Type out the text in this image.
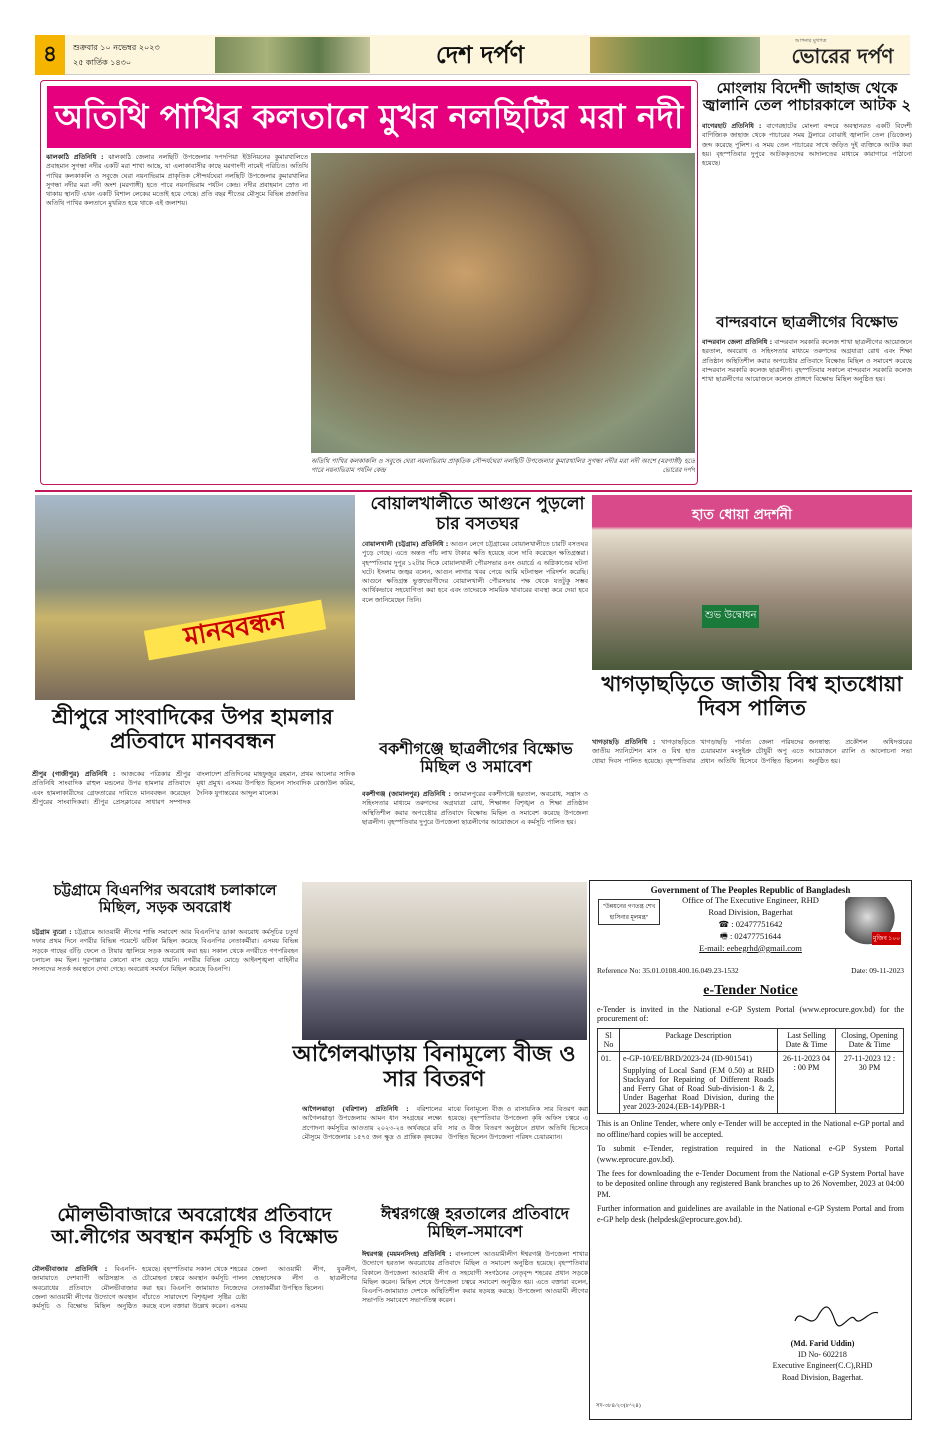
৪	শুক্রবার ১০ নভেম্বর ২০২৩
২৫ কার্তিক ১৪৩০	দেশ দর্পণ	আপনার মুখপত্র
ভোরের দর্পণ
অতিথি পাখির কলতানে মুখর নলছিটির মরা নদী
ঝালকাঠি প্রতিনিধি : ঝালকাঠি জেলার নলছিটি উপজেলার দপদপিয়া ইউনিয়নের কুমারখালিতে প্রবাহমান সুগন্ধা নদীর একটি মরা শাখা আছে, যা এলাকাবাসীর কাছে মরগাংগী নামেই পরিচিত। অতিথি পাখির কলকাকলি ও সবুজে ঘেরা নয়নাভিরাম প্রাকৃতিক সৌন্দর্যঘেরা নলছিটি উপজেলার কুমারখালির সুগন্ধা নদীর মরা নদী অংশ (মরগাঙ্গী) হতে পারে নয়নাভিরাম পর্যটন কেন্দ্র। নদীর প্রবাহমান স্রোত না থাকায় স্থানটি এখন একটি বিশাল লেকের মতোই হয়ে গেছে। প্রতি বছর শীতের মৌসুমে বিভিন্ন প্রজাতির অতিথি পাখির কলতানে মুখরিত হয়ে থাকে এই জলাশয়।
অতিথি পাখির কলকাকলি ও সবুজে ঘেরা নয়নাভিরাম প্রাকৃতিক সৌন্দর্যঘেরা নলছিটি উপজেলার কুমারখালির সুগন্ধা নদীর মরা নদী অংশে (মরগাঙ্গী) হতে পারে নয়নাভিরাম পর্যটন কেন্দ্র	ভোরের দর্পণ
মোংলায় বিদেশী জাহাজ থেকে জ্বালানি তেল পাচারকালে আটক ২
বাগেরহাট প্রতিনিধি : বাগেরহাটের মোংলা বন্দরে অবস্থানরত একটি বিদেশী বাণিজ্যিক জাহাজ থেকে পাচারের সময় ট্রলারে বোঝাই জ্বালানি তেল (ডিজেল) জব্দ করেছে পুলিশ। এ সময় তেল পাচারের সাথে জড়িত দুই ব্যক্তিকে আটক করা হয়। বৃহস্পতিবার দুপুরে আটককৃতদের আদালতের মাধ্যমে কারাগারে পাঠানো হয়েছে।
বান্দরবানে ছাত্রলীগের বিক্ষোভ
বান্দরবান জেলা প্রতিনিধি : বান্দরবান সরকারি কলেজ শাখা ছাত্রলীগের আয়োজনে হরতাল, অবরোধ ও সহিংসতার মাধ্যমে তরুণদের অগ্রযাত্রা রোধ এবং শিক্ষা প্রতিষ্ঠান অস্থিতিশীল করার অপচেষ্টার প্রতিবাদে বিক্ষোভ মিছিল ও সমাবেশ করেছে বান্দরবান সরকারি কলেজ ছাত্রলীগ। বৃহস্পতিবার সকালে বান্দরবান সরকারি কলেজ শাখা ছাত্রলীগের আয়োজনে কলেজ প্রাঙ্গণে বিক্ষোভ মিছিল অনুষ্ঠিত হয়।
মানববন্ধন
বোয়ালখালীতে আগুনে পুড়লো চার বসতঘর
বোয়ালখালী (চট্টগ্রাম) প্রতিনিধি : আগুন লেগে চট্টগ্রামের বোয়ালখালীতে চারটি বসতঘর পুড়ে গেছে। এতে অন্তত পাঁচ লাখ টাকার ক্ষতি হয়েছে বলে দাবি করেছেন ক্ষতিগ্রস্তরা। বৃহস্পতিবার দুপুর ১২টার দিকে বোয়ালখালী পৌরসভার ৪নং ওয়ার্ডে এ অগ্নিকাণ্ডের ঘটনা ঘটে। ইসলাম জজ্বর বলেন, আগুন লাগার খবর পেয়ে আমি ঘটনাস্থল পরিদর্শন করেছি। আগুনে ক্ষতিগ্রস্ত ভুক্তভোগীদের বোয়ালখালী পৌরসভার পক্ষ থেকে যতটুকু সম্ভব আর্থিকভাবে সহযোগিতা করা হবে এবং তাদেরকে সাময়িক খাবারের ব্যবস্থা করে দেয়া হবে বলে জানিয়েছেন তিনি।
হাত ধোয়া প্রদর্শনী
শুভ উদ্বোধন
খাগড়াছড়িতে জাতীয় বিশ্ব হাতধোয়া দিবস পালিত
খাগড়াছড়ি প্রতিনিধি : খাগড়াছড়িতে জাতীয় স্যানিটেশন মাস ও বিশ্ব হাত ধোয়া দিবস পালিত হয়েছে। বৃহস্পতিবার খাগড়াছড়ি পার্বত্য জেলা পরিষদের চেয়ারম্যান মংসুইপ্রু চৌধুরী অপু এতে প্রধান অতিথি হিসেবে উপস্থিত ছিলেন। জনস্বাস্থ্য প্রকৌশল অধিদপ্তরের আয়োজনে র‍্যালি ও আলোচনা সভা অনুষ্ঠিত হয়।
শ্রীপুরে সাংবাদিকের উপর হামলার প্রতিবাদে মানববন্ধন
শ্রীপুর (গাজীপুর) প্রতিনিধি : আজকের পত্রিকার শ্রীপুর প্রতিনিধি সাংবাদিক রাহুল মন্ডলের উপর হামলার প্রতিবাদে এবং হামলাকারীদের গ্রেফতারের দাবিতে মানববন্ধন করেছেন শ্রীপুরের সাংবাদিকরা। শ্রীপুর প্রেসক্লাবের সাধারণ সম্পাদক বাংলাদেশ প্রতিদিনের মাহফুজুর রহমান, প্রথম আলোর সাদিক মৃধা প্রমুখ। এসময় উপস্থিত ছিলেন সাংবাদিক রেজাউল করিম, দৈনিক যুগান্তরের আব্দুল মালেক।
বকশীগঞ্জে ছাত্রলীগের বিক্ষোভ মিছিল ও সমাবেশ
বকশীগঞ্জ (জামালপুর) প্রতিনিধি : জামালপুরের বকশীগঞ্জে হরতাল, অবরোধ, সন্ত্রাস ও সহিংসতার মাধ্যমে তরুণদের অগ্রযাত্রা রোধ, শিক্ষাঙ্গন বিশৃঙ্খল ও শিক্ষা প্রতিষ্ঠান অস্থিতিশীল করার অপচেষ্টার প্রতিবাদে বিক্ষোভ মিছিল ও সমাবেশ করেছে উপজেলা ছাত্রলীগ। বৃহস্পতিবার দুপুরে উপজেলা ছাত্রলীগের আয়োজনে এ কর্মসূচি পালিত হয়।
চট্টগ্রামে বিএনপির অবরোধ চলাকালে মিছিল, সড়ক অবরোধ
চট্টগ্রাম ব্যুরো : চট্টগ্রামে আওয়ামী লীগের শান্তি সমাবেশ আর বিএনপি'র ডাকা অবরোধ কর্মসূচির চতুর্থ দফার প্রথম দিনে নগরীর বিভিন্ন পয়েন্টে ঝটিকা মিছিল করেছে বিএনপির নেতাকর্মীরা। এসময় বিভিন্ন সড়কে গাছের গুঁড়ি ফেলে ও টায়ার জ্বালিয়ে সড়ক অবরোধ করা হয়। সকাল থেকে নগরীতে গণপরিবহন চলাচল কম ছিল। দূরপাল্লার কোনো বাস ছেড়ে যায়নি। নগরীর বিভিন্ন মোড়ে আইনশৃঙ্খলা বাহিনীর সদস্যদের সতর্ক অবস্থানে দেখা গেছে। অবরোধ সমর্থনে মিছিল করেছে বিএনপি।
আগৈলঝাড়ায় বিনামূল্যে বীজ ও সার বিতরণ
আগৈলঝাড়া (বরিশাল) প্রতিনিধি : বরিশালের আগৈলঝাড়া উপজেলায় আমন ধান সংগ্রহের লক্ষ্যে প্রণোদনা কর্মসূচির আওতায় ২০২৩-২৪ অর্থবছরে রবি মৌসুমে উপজেলার ১৫৭৫ জন ক্ষুদ্র ও প্রান্তিক কৃষকের মাঝে বিনামূল্যে বীজ ও রাসায়নিক সার বিতরণ করা হয়েছে। বৃহস্পতিবার উপজেলা কৃষি অফিস চত্বরে এ সার ও বীজ বিতরণ অনুষ্ঠানে প্রধান অতিথি হিসেবে উপস্থিত ছিলেন উপজেলা পরিষদ চেয়ারম্যান।
মৌলভীবাজারে অবরোধের প্রতিবাদে আ.লীগের অবস্থান কর্মসূচি ও বিক্ষোভ
মৌলভীবাজার প্রতিনিধি : বিএনপি-জামায়াতে দেশব্যাপী অগ্নিসন্ত্রাস ও অবরোধের প্রতিবাদে মৌলভীবাজার জেলা আওয়ামী লীগের উদ্যোগে অবস্থান কর্মসূচি ও বিক্ষোভ মিছিল অনুষ্ঠিত হয়েছে। বৃহস্পতিবার সকাল থেকে শহরের চৌমোহনা চত্বরে অবস্থান কর্মসূচি পালন করা হয়। বিএনপি জামায়াত নিজেদের বাঁচাতে সারাদেশে বিশৃঙ্খলা সৃষ্টির চেষ্টা করছে বলে বক্তারা উল্লেখ করেন। এসময় জেলা আওয়ামী লীগ, যুবলীগ, স্বেচ্ছাসেবক লীগ ও ছাত্রলীগের নেতাকর্মীরা উপস্থিত ছিলেন।
ঈশ্বরগঞ্জে হরতালের প্রতিবাদে মিছিল-সমাবেশ
ঈশ্বরগঞ্জ (ময়মনসিংহ) প্রতিনিধি : বাংলাদেশ আওয়ামীলীগ ঈশ্বরগঞ্জ উপজেলা শাখার উদ্যোগে হরতাল অবরোধের প্রতিবাদে মিছিল ও সমাবেশ অনুষ্ঠিত হয়েছে। বৃহস্পতিবার বিকালে উপজেলা আওয়ামী লীগ ও সহযোগী সংগঠনের নেতৃবৃন্দ শহরের প্রধান সড়কে মিছিল করেন। মিছিল শেষে উপজেলা চত্বরে সমাবেশ অনুষ্ঠিত হয়। এতে বক্তারা বলেন, বিএনপি-জামায়াত দেশকে অস্থিতিশীল করার ষড়যন্ত্র করছে। উপজেলা আওয়ামী লীগের সভাপতি সমাবেশে সভাপতিত্ব করেন।
Government of The Peoples Republic of Bangladesh
"উন্নয়নের গণতন্ত্র শেখ হাসিনার মূলমন্ত্র"
মুজিব ১০০
Office of The Executive Engineer, RHD
Road Division, Bagerhat
☎ : 02477751642
🖷 : 02477751644
E-mail: eebegrhd@gmail.com
Reference No: 35.01.0108.400.16.049.23-1532	Date: 09-11-2023
e-Tender Notice
e-Tender is invited in the National e-GP System Portal (www.eprocure.gov.bd) for the procurement of:
Sl No	Package Description	Last Selling Date & Time	Closing, Opening Date & Time
01.	e-GP-10/EE/BRD/2023-24 (ID-901541)
Supplying of Local Sand (F.M 0.50) at RHD Stackyard for Repairing of Different Roads and Ferry Ghat of Road Sub-division-1 & 2, Under Bagerhat Road Division, during the year 2023-2024.(EB-14)/PBR-1	26-11-2023 04 : 00 PM	27-11-2023 12 : 30 PM

This is an Online Tender, where only e-Tender will be accepted in the National e-GP portal and no offline/hard copies will be accepted.

To submit e-Tender, registration required in the National e-GP System Portal (www.eprocure.gov.bd).

The fees for downloading the e-Tender Document from the National e-GP System Portal have to be deposited online through any registered Bank branches up to 26 November, 2023 at 04:00 PM.

Further information and guidelines are available in the National e-GP System Portal and from e-GP help desk (helpdesk@eprocure.gov.bd).

(Md. Farid Uddin)
ID No- 602218
Executive Engineer(C.C),RHD
Road Division, Bagerhat.
সদ-৩৮৪/২৩(৮^২৪)
